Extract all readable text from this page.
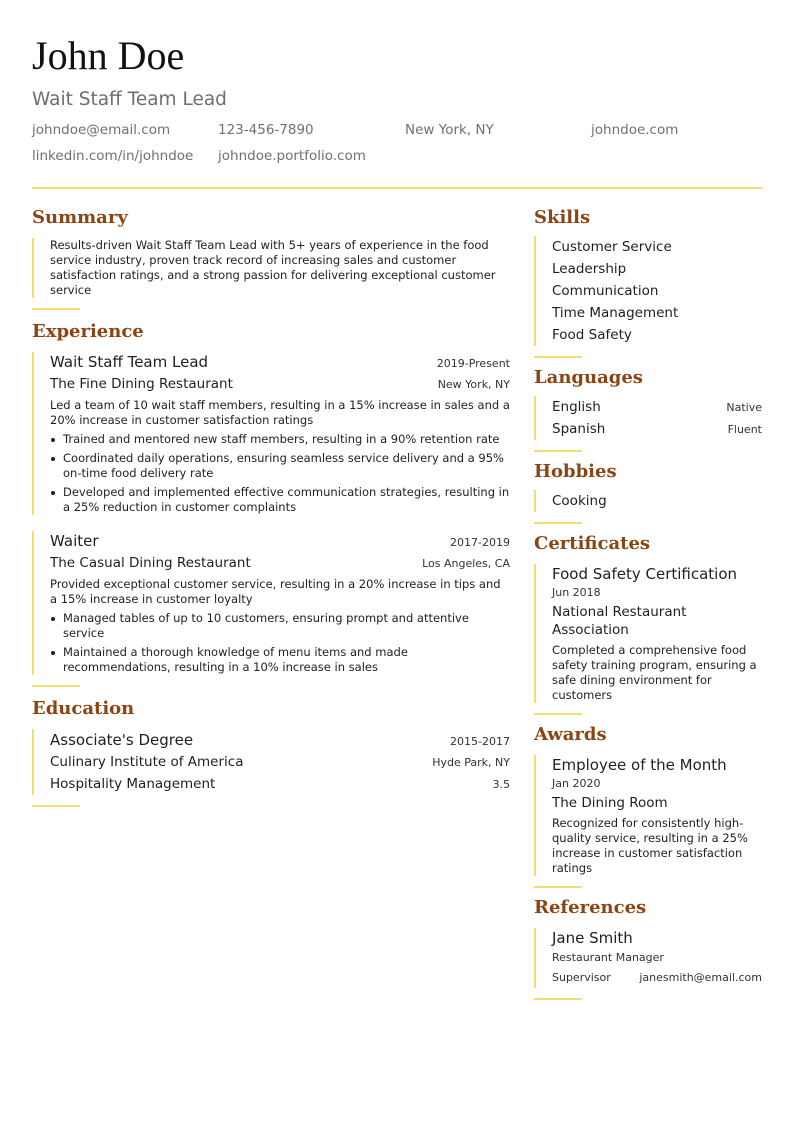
John Doe
Wait Staff Team Lead
johndoe@email.com	123-456-7890	New York, NY	johndoe.com
linkedin.com/in/johndoe johndoe.portfolio.com
Summary

Results-driven Wait Staff Team Lead with 5+ years of experience in the food service industry, proven track record of increasing sales and customer satisfaction ratings, and a strong passion for delivering exceptional customer service

Experience
Wait Staff Team Lead	2019-Present
The Fine Dining Restaurant	New York, NY

Led a team of 10 wait staff members, resulting in a 15% increase in sales and a 20% increase in customer satisfaction ratings

Trained and mentored new staff members, resulting in a 90% retention rate
Coordinated daily operations, ensuring seamless service delivery and a 95% on-time food delivery rate
Developed and implemented effective communication strategies, resulting in a 25% reduction in customer complaints
Waiter	2017-2019
The Casual Dining Restaurant	Los Angeles, CA

Provided exceptional customer service, resulting in a 20% increase in tips and a 15% increase in customer loyalty

Managed tables of up to 10 customers, ensuring prompt and attentive service
Maintained a thorough knowledge of menu items and made recommendations, resulting in a 10% increase in sales
Education
Associate's Degree	2015-2017
Culinary Institute of America	Hyde Park, NY
Hospitality Management	3.5
Skills
Customer Service
Leadership
Communication
Time Management
Food Safety
Languages
English	Native
Spanish	Fluent
Hobbies
Cooking
Certificates
Food Safety Certification
Jun 2018
National Restaurant Association

Completed a comprehensive food safety training program, ensuring a safe dining environment for customers

Awards
Employee of the Month
Jan 2020
The Dining Room

Recognized for consistently high-quality service, resulting in a 25% increase in customer satisfaction ratings

References
Jane Smith
Restaurant Manager
Supervisor	janesmith@email.com
